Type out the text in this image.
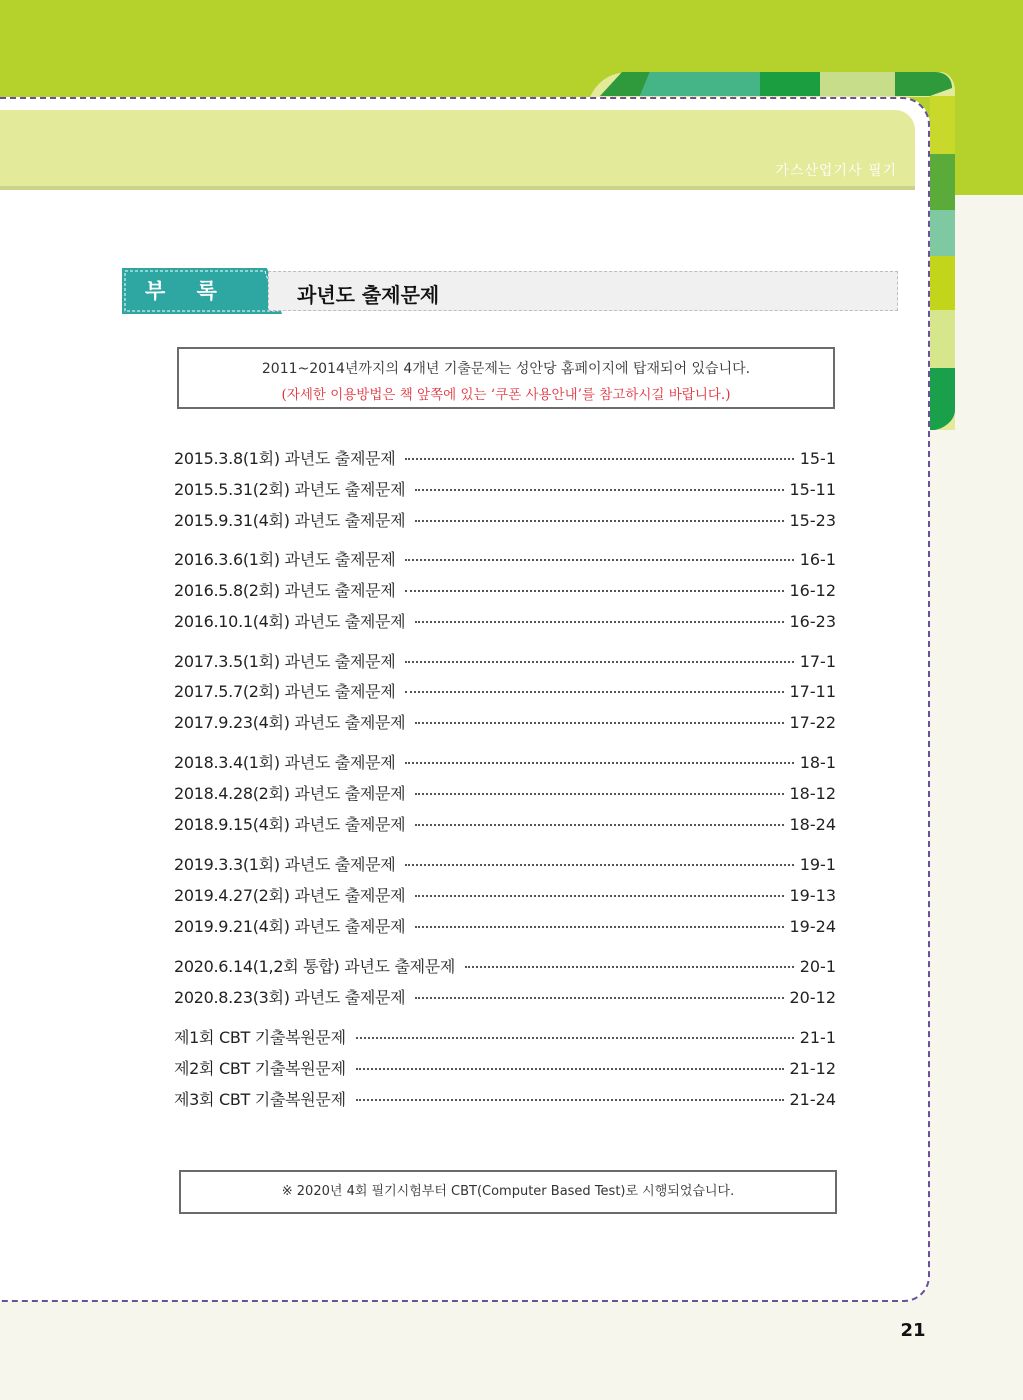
가스산업기사 필기
부 록	과년도 출제문제
2011~2014년까지의 4개년 기출문제는 성안당 홈페이지에 탑재되어 있습니다.
(자세한 이용방법은 책 앞쪽에 있는 ‘쿠폰 사용안내’를 참고하시길 바랍니다.)
2015.3.8(1회) 과년도 출제문제	15-1
2015.5.31(2회) 과년도 출제문제	15-11
2015.9.31(4회) 과년도 출제문제	15-23
2016.3.6(1회) 과년도 출제문제	16-1
2016.5.8(2회) 과년도 출제문제	16-12
2016.10.1(4회) 과년도 출제문제	16-23
2017.3.5(1회) 과년도 출제문제	17-1
2017.5.7(2회) 과년도 출제문제	17-11
2017.9.23(4회) 과년도 출제문제	17-22
2018.3.4(1회) 과년도 출제문제	18-1
2018.4.28(2회) 과년도 출제문제	18-12
2018.9.15(4회) 과년도 출제문제	18-24
2019.3.3(1회) 과년도 출제문제	19-1
2019.4.27(2회) 과년도 출제문제	19-13
2019.9.21(4회) 과년도 출제문제	19-24
2020.6.14(1,2회 통합) 과년도 출제문제	20-1
2020.8.23(3회) 과년도 출제문제	20-12
제1회 CBT 기출복원문제	21-1
제2회 CBT 기출복원문제	21-12
제3회 CBT 기출복원문제	21-24
※ 2020년 4회 필기시험부터 CBT(Computer Based Test)로 시행되었습니다.
21
